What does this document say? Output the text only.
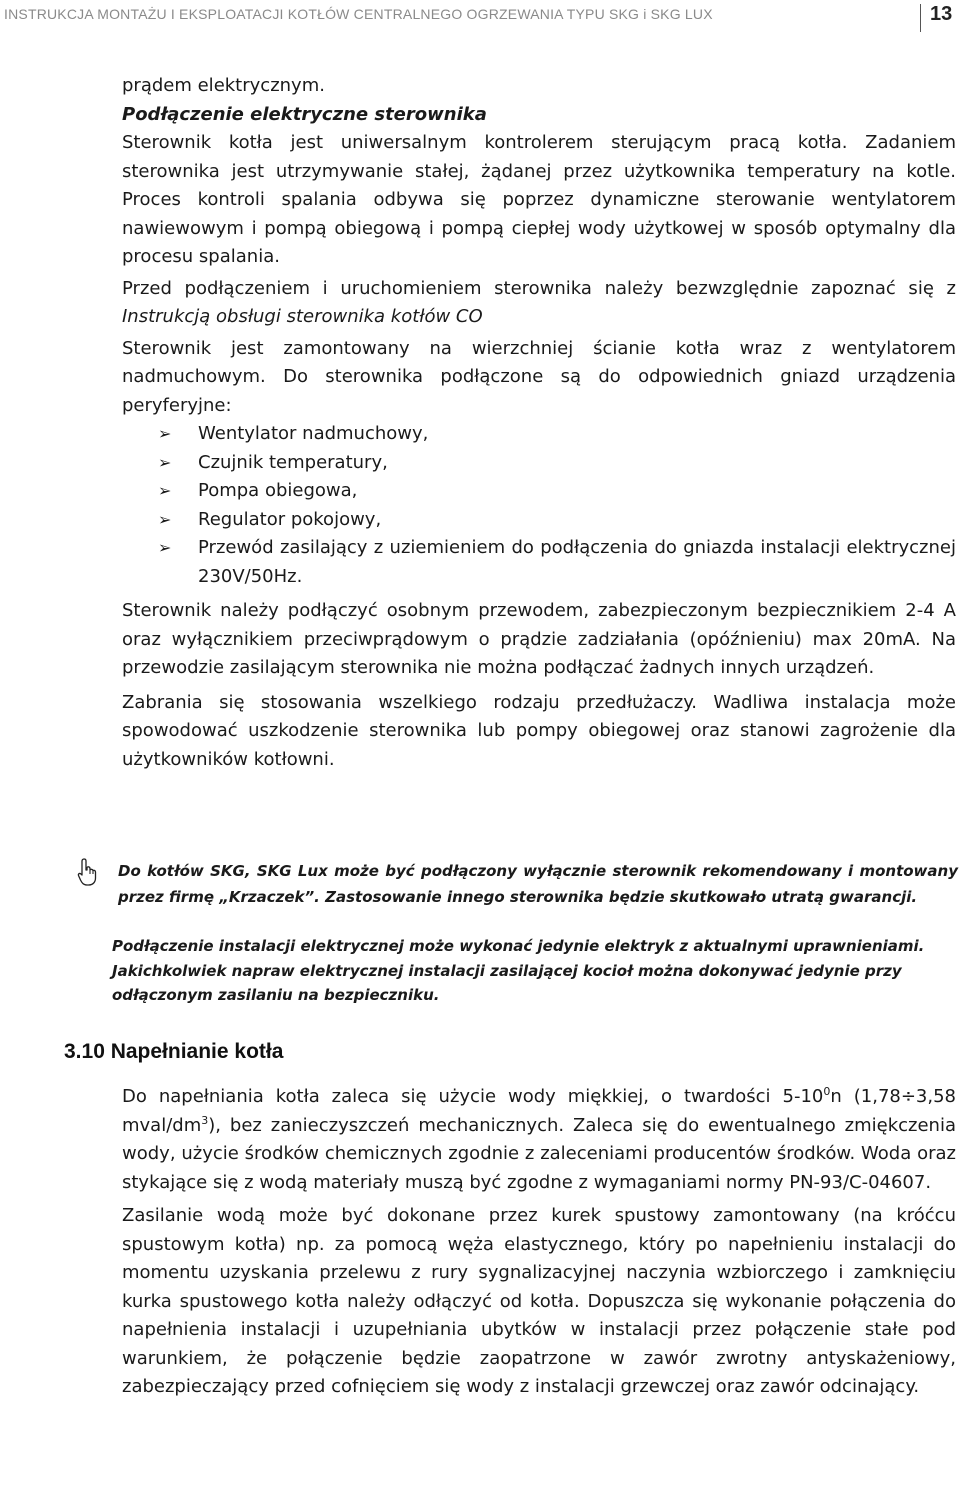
INSTRUKCJA MONTAŻU I EKSPLOATACJI KOTŁÓW CENTRALNEGO OGRZEWANIA TYPU SKG i SKG LUX	13

prądem elektrycznym.

Podłączenie elektryczne sterownika

Sterownik kotła jest uniwersalnym kontrolerem sterującym pracą kotła. Zadaniem sterownika jest utrzymywanie stałej, żądanej przez użytkownika temperatury na kotle. Proces kontroli spalania odbywa się poprzez dynamiczne sterowanie wentylatorem nawiewowym i pompą obiegową i pompą ciepłej wody użytkowej w sposób optymalny dla procesu spalania.

Przed podłączeniem i uruchomieniem sterownika należy bezwzględnie zapoznać się z Instrukcją obsługi sterownika kotłów CO

Sterownik jest zamontowany na wierzchniej ścianie kotła wraz z wentylatorem nadmuchowym. Do sterownika podłączone są do odpowiednich gniazd urządzenia peryferyjne:

➢ Wentylator nadmuchowy,
➢ Czujnik temperatury,
➢ Pompa obiegowa,
➢ Regulator pokojowy,
➢ Przewód zasilający z uziemieniem do podłączenia do gniazda instalacji elektrycznej 230V/50Hz.

Sterownik należy podłączyć osobnym przewodem, zabezpieczonym bezpiecznikiem 2-4 A oraz wyłącznikiem przeciwprądowym o prądzie zadziałania (opóźnieniu) max 20mA. Na przewodzie zasilającym sterownika nie można podłączać żadnych innych urządzeń.

Zabrania się stosowania wszelkiego rodzaju przedłużaczy. Wadliwa instalacja może spowodować uszkodzenie sterownika lub pompy obiegowej oraz stanowi zagrożenie dla użytkowników kotłowni.

Do kotłów SKG, SKG Lux może być podłączony wyłącznie sterownik rekomendowany i montowany przez firmę „Krzaczek”. Zastosowanie innego sterownika będzie skutkowało utratą gwarancji.
Podłączenie instalacji elektrycznej może wykonać jedynie elektryk z aktualnymi uprawnieniami.
Jakichkolwiek napraw elektrycznej instalacji zasilającej kocioł można dokonywać jedynie przy odłączonym zasilaniu na bezpieczniku.
3.10 Napełnianie kotła

Do napełniania kotła zaleca się użycie wody miękkiej, o twardości $5-10^0n$ (1,78÷3,58 mval/$dm^3$), bez zanieczyszczeń mechanicznych. Zaleca się do ewentualnego zmiękczenia wody, użycie środków chemicznych zgodnie z zaleceniami producentów środków. Woda oraz stykające się z wodą materiały muszą być zgodne z wymaganiami normy PN-93/C-04607.

Zasilanie wodą może być dokonane przez kurek spustowy zamontowany (na króćcu spustowym kotła) np. za pomocą węża elastycznego, który po napełnieniu instalacji do momentu uzyskania przelewu z rury sygnalizacyjnej naczynia wzbiorczego i zamknięciu kurka spustowego kotła należy odłączyć od kotła. Dopuszcza się wykonanie połączenia do napełnienia instalacji i uzupełniania ubytków w instalacji przez połączenie stałe pod warunkiem, że połączenie będzie zaopatrzone w zawór zwrotny antyskażeniowy, zabezpieczający przed cofnięciem się wody z instalacji grzewczej oraz zawór odcinający.
